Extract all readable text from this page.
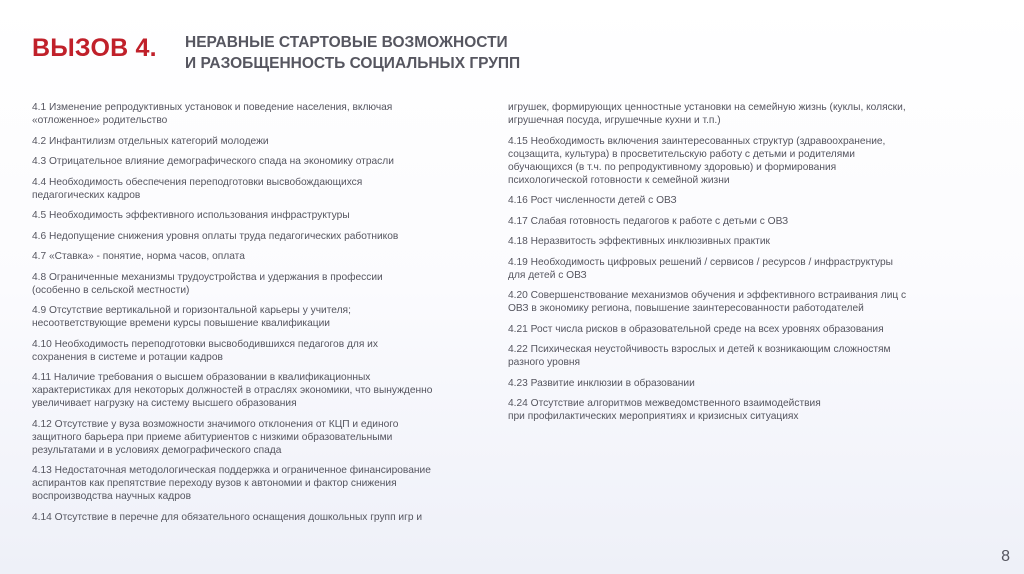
ВЫЗОВ 4. НЕРАВНЫЕ СТАРТОВЫЕ ВОЗМОЖНОСТИ
И РАЗОБЩЕННОСТЬ СОЦИАЛЬНЫХ ГРУПП
4.1 Изменение репродуктивных установок и поведение населения, включая
«отложенное» родительство
4.2 Инфантилизм отдельных категорий молодежи
4.3 Отрицательное влияние демографического спада на экономику отрасли
4.4 Необходимость обеспечения переподготовки высвобождающихся
педагогических кадров
4.5 Необходимость эффективного использования инфраструктуры
4.6 Недопущение снижения уровня оплаты труда педагогических работников
4.7 «Ставка» - понятие, норма часов, оплата
4.8 Ограниченные механизмы трудоустройства и удержания в профессии
(особенно в сельской местности)
4.9 Отсутствие вертикальной и горизонтальной карьеры у учителя;
несоответствующие времени курсы повышение квалификации
4.10 Необходимость переподготовки высвободившихся педагогов для их
сохранения в системе и ротации кадров
4.11 Наличие требования о высшем образовании в квалификационных
характеристиках для некоторых должностей в отраслях экономики, что вынужденно
увеличивает нагрузку на систему высшего образования
4.12 Отсутствие у вуза возможности значимого отклонения от КЦП и единого
защитного барьера при приеме абитуриентов с низкими образовательными
результатами и в условиях демографического спада
4.13 Недостаточная методологическая поддержка и ограниченное финансирование
аспирантов как препятствие переходу вузов к автономии и фактор снижения
воспроизводства научных кадров
4.14 Отсутствие в перечне для обязательного оснащения дошкольных групп игр и
игрушек, формирующих ценностные установки на семейную жизнь (куклы, коляски,
игрушечная посуда, игрушечные кухни и т.п.)
4.15 Необходимость включения заинтересованных структур (здравоохранение,
соцзащита, культура) в просветительскую работу с детьми и родителями
обучающихся (в т.ч. по репродуктивному здоровью) и формирования
психологической готовности к семейной жизни
4.16 Рост численности детей с ОВЗ
4.17 Слабая готовность педагогов к работе с детьми с ОВЗ
4.18 Неразвитость эффективных инклюзивных практик
4.19 Необходимость цифровых решений / сервисов / ресурсов / инфраструктуры
для детей с ОВЗ
4.20 Совершенствование механизмов обучения и эффективного встраивания лиц с
ОВЗ в экономику региона, повышение заинтересованности работодателей
4.21 Рост числа рисков в образовательной среде на всех уровнях образования
4.22 Психическая неустойчивость взрослых и детей к возникающим сложностям
разного уровня
4.23 Развитие инклюзии в образовании
4.24 Отсутствие алгоритмов межведомственного взаимодействия
при профилактических мероприятиях и кризисных ситуациях
8
